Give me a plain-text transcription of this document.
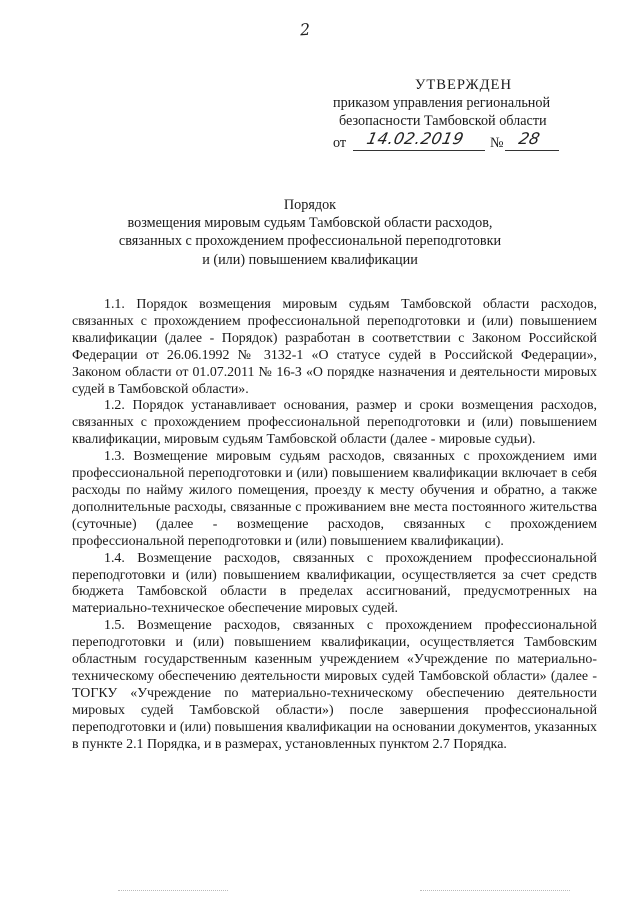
2
УТВЕРЖДЕН
приказом управления региональной
безопасности Тамбовской области
от 14.02.2019 № 28
Порядок
возмещения мировым судьям Тамбовской области расходов,
связанных с прохождением профессиональной переподготовки
и (или) повышением квалификации

1.1. Порядок возмещения мировым судьям Тамбовской области расходов, связанных с прохождением профессиональной переподготовки и (или) повышением квалификации (далее - Порядок) разработан в соответствии с Законом Российской Федерации от 26.06.1992 № 3132-1 «О статусе судей в Российской Федерации», Законом области от 01.07.2011 № 16-З «О порядке назначения и деятельности мировых судей в Тамбовской области».

1.2. Порядок устанавливает основания, размер и сроки возмещения расходов, связанных с прохождением профессиональной переподготовки и (или) повышением квалификации, мировым судьям Тамбовской области (далее - мировые судьи).

1.3. Возмещение мировым судьям расходов, связанных с прохождением ими профессиональной переподготовки и (или) повышением квалификации включает в себя расходы по найму жилого помещения, проезду к месту обучения и обратно, а также дополнительные расходы, связанные с проживанием вне места постоянного жительства (суточные) (далее - возмещение расходов, связанных с прохождением профессиональной переподготовки и (или) повышением квалификации).

1.4. Возмещение расходов, связанных с прохождением профессиональной переподготовки и (или) повышением квалификации, осуществляется за счет средств бюджета Тамбовской области в пределах ассигнований, предусмотренных на материально-техническое обеспечение мировых судей.

1.5. Возмещение расходов, связанных с прохождением профессиональной переподготовки и (или) повышением квалификации, осуществляется Тамбовским областным государственным казенным учреждением «Учреждение по материально-техническому обеспечению деятельности мировых судей Тамбовской области» (далее - ТОГКУ «Учреждение по материально-техническому обеспечению деятельности мировых судей Тамбовской области») после завершения профессиональной переподготовки и (или) повышения квалификации на основании документов, указанных в пункте 2.1 Порядка, и в размерах, установленных пунктом 2.7 Порядка.
